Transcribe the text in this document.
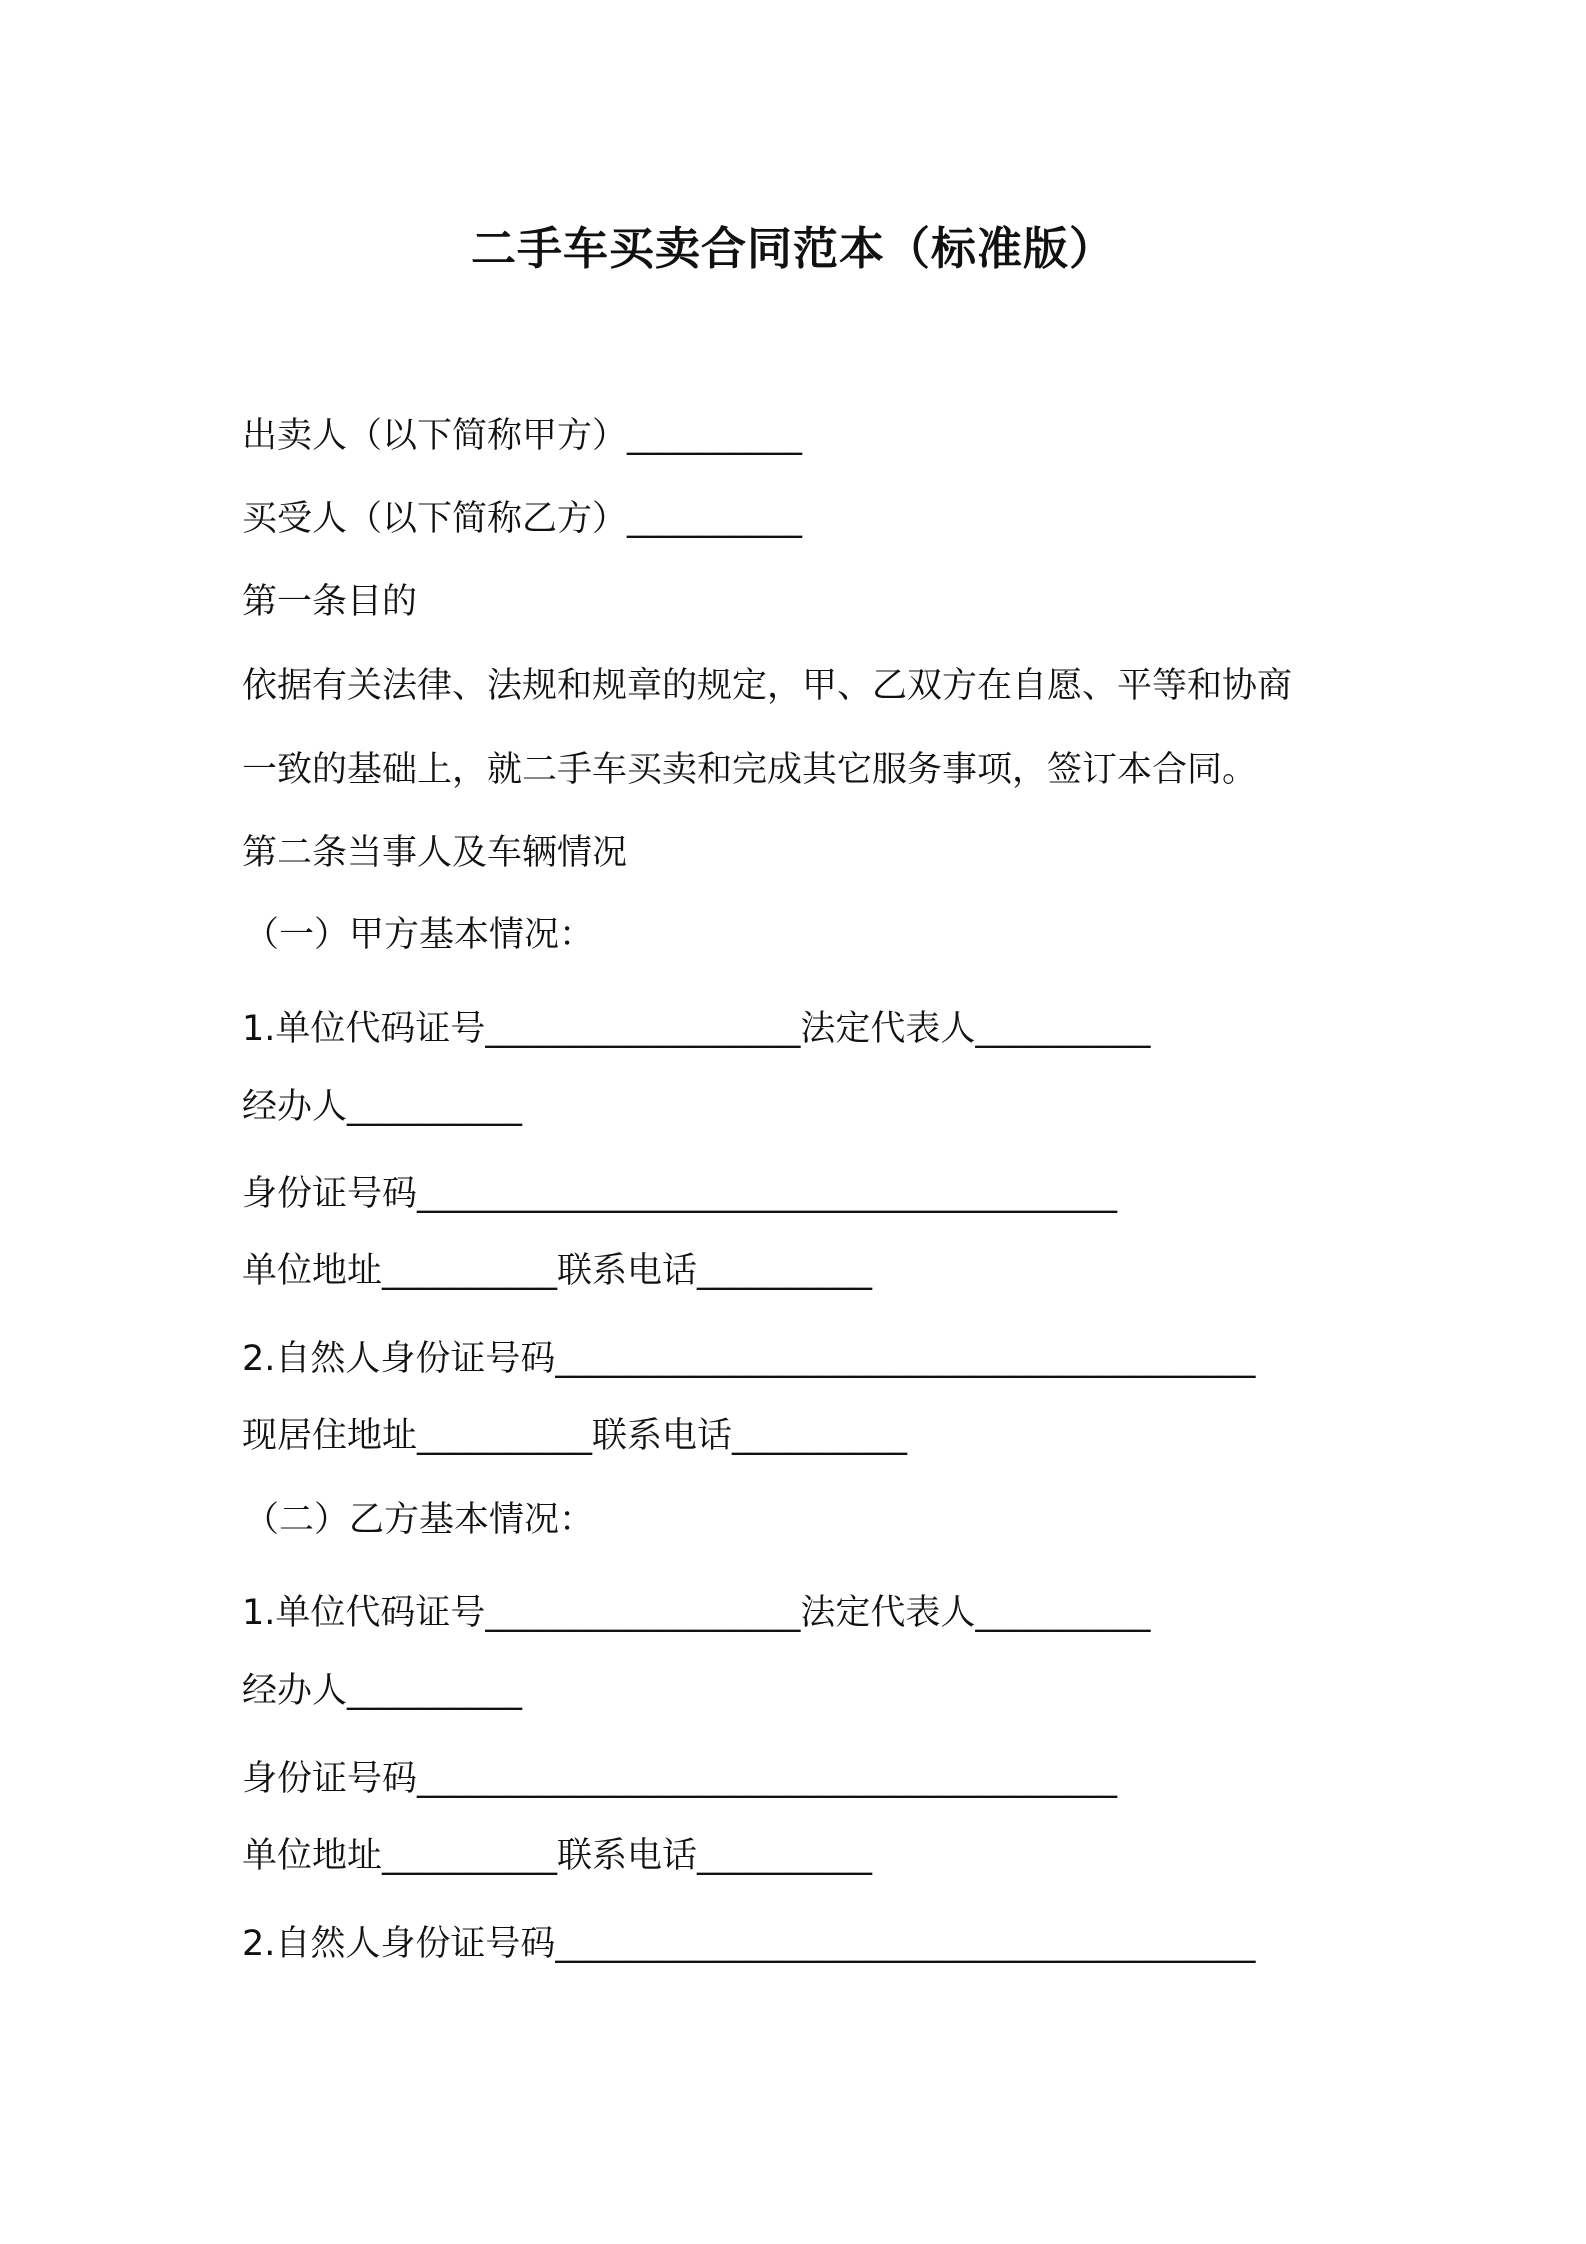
二手车买卖合同范本（标准版）
出卖人（以下简称甲方）__________
买受人（以下简称乙方）__________
第一条目的
依据有关法律、法规和规章的规定，甲、乙双方在自愿、平等和协商
一致的基础上，就二手车买卖和完成其它服务事项，签订本合同。
第二条当事人及车辆情况
（一）甲方基本情况：
1.单位代码证号__________________法定代表人__________
经办人__________
身份证号码________________________________________
单位地址__________联系电话__________
2.自然人身份证号码________________________________________
现居住地址__________联系电话__________
（二）乙方基本情况：
1.单位代码证号__________________法定代表人__________
经办人__________
身份证号码________________________________________
单位地址__________联系电话__________
2.自然人身份证号码________________________________________
